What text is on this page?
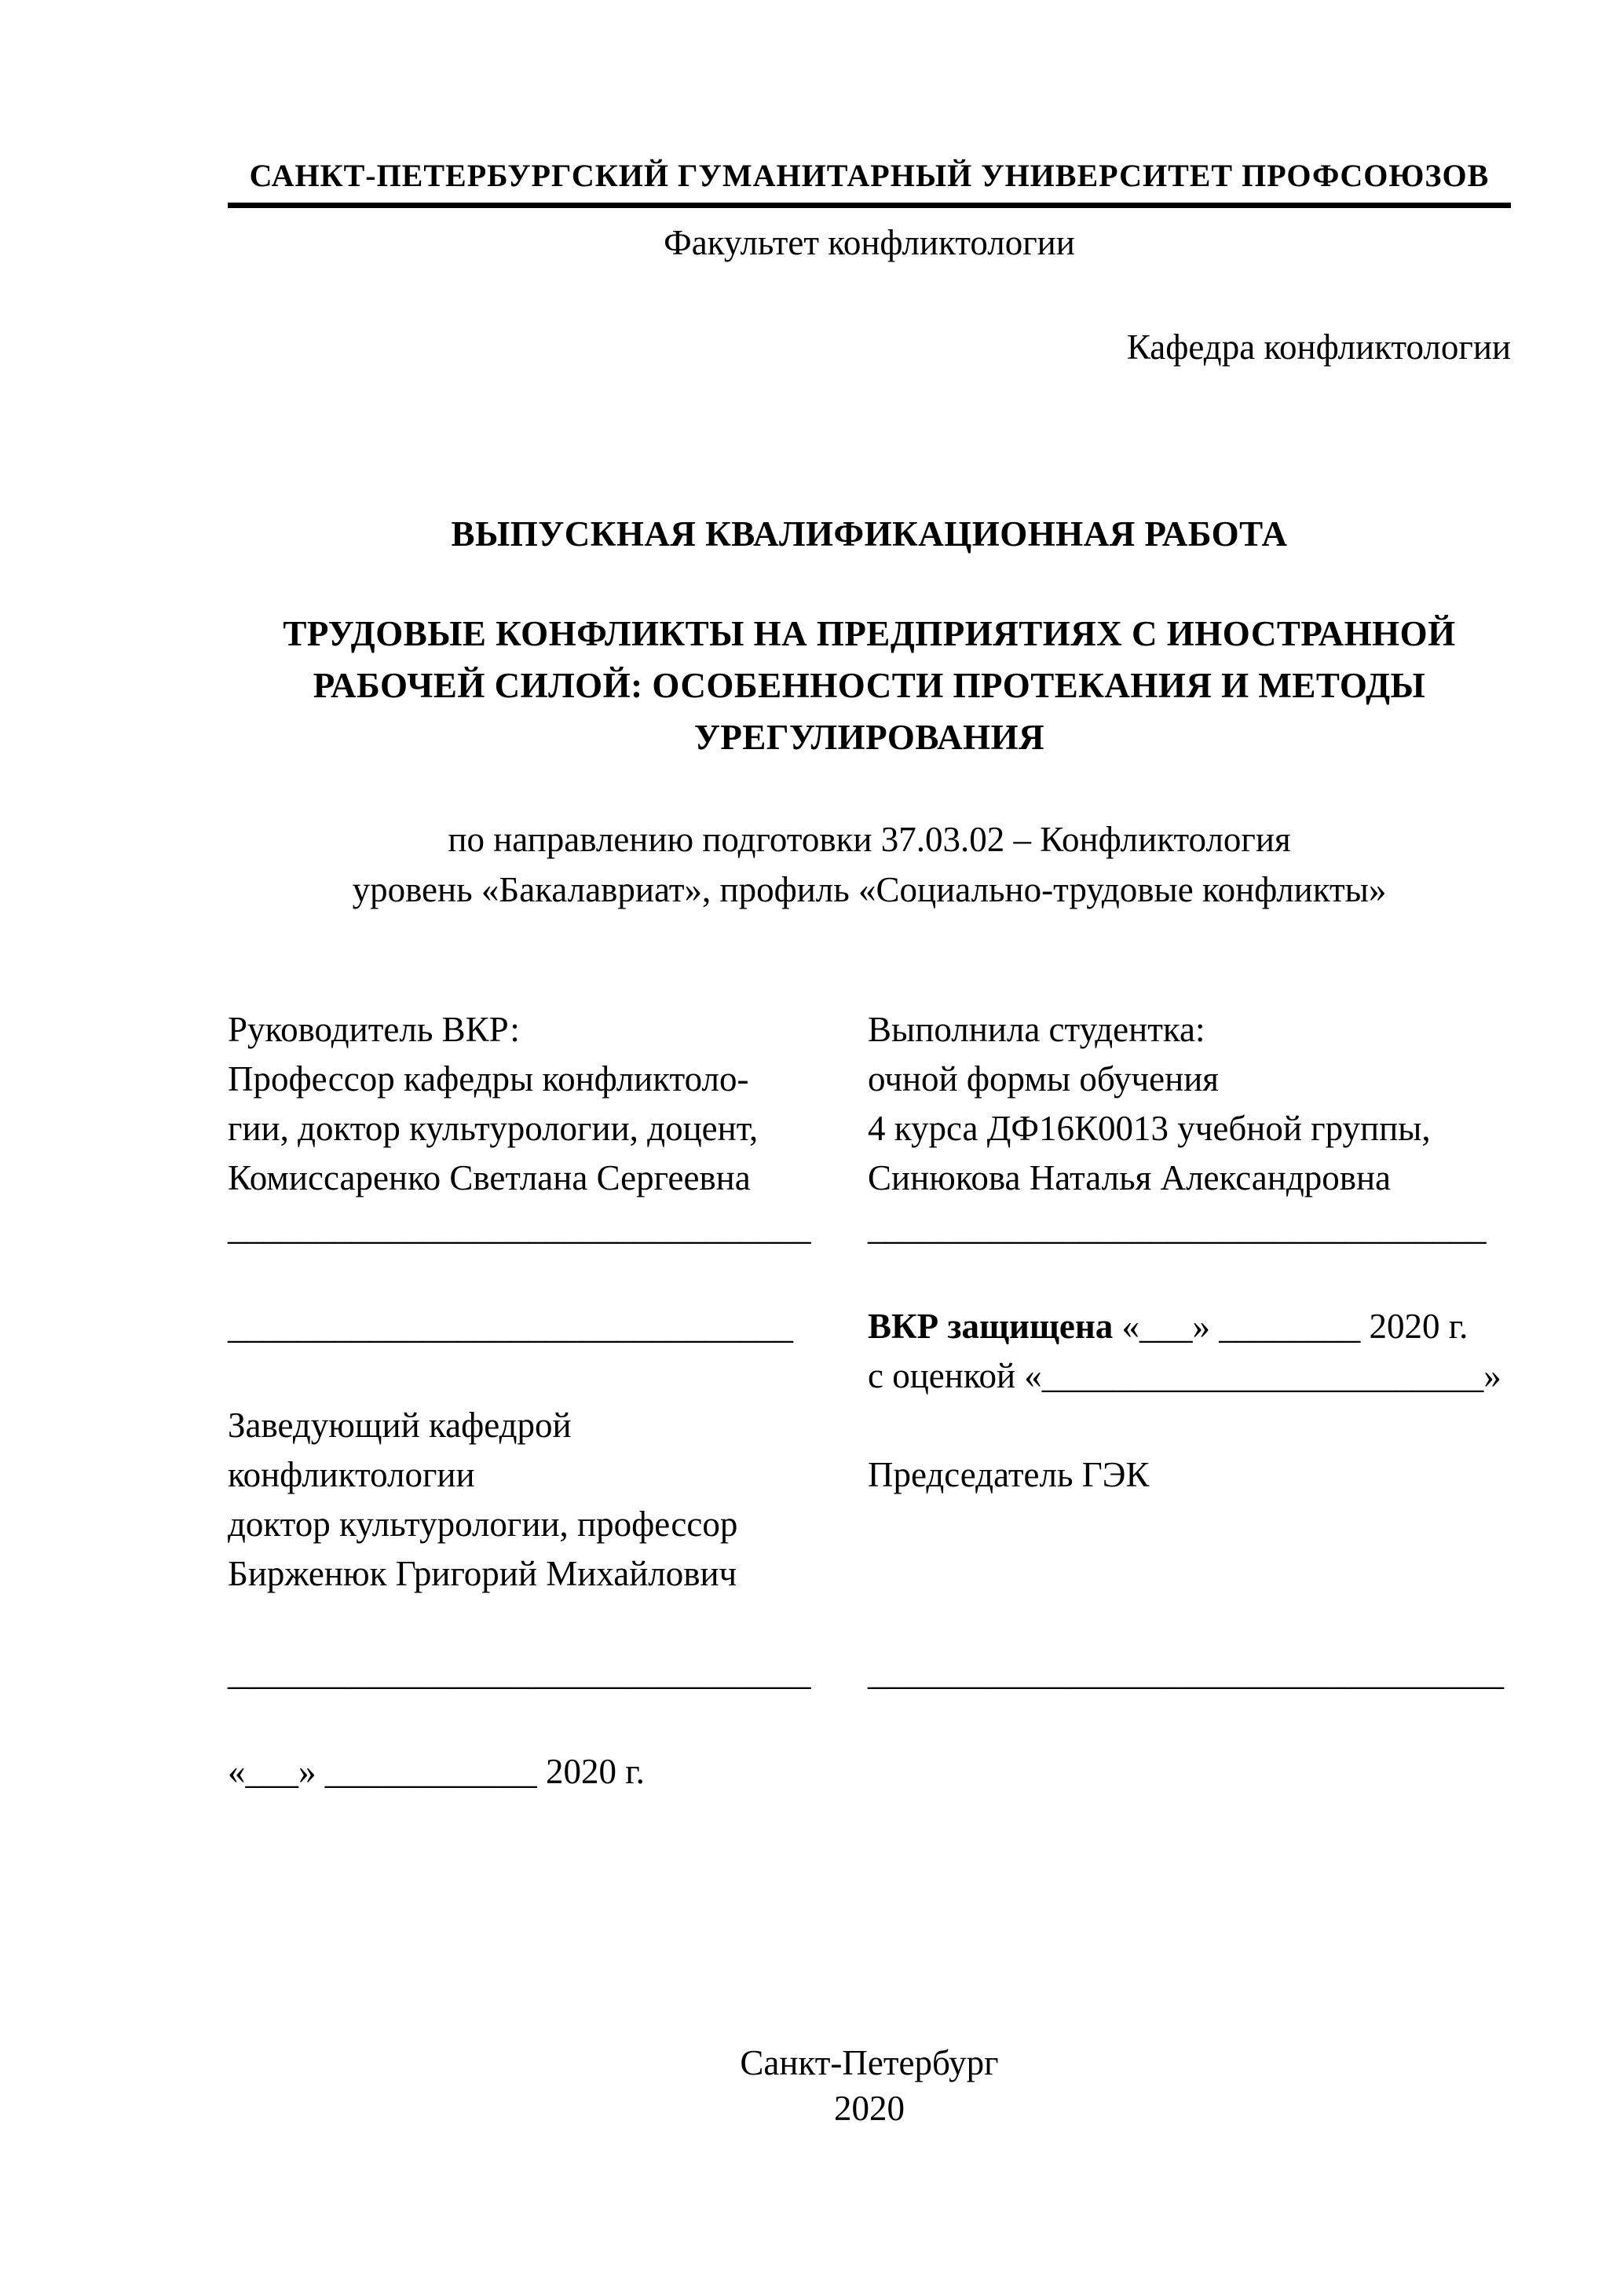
САНКТ-ПЕТЕРБУРГСКИЙ ГУМАНИТАРНЫЙ УНИВЕРСИТЕТ ПРОФСОЮЗОВ
Факультет конфликтологии
Кафедра конфликтологии
ВЫПУСКНАЯ КВАЛИФИКАЦИОННАЯ РАБОТА
ТРУДОВЫЕ КОНФЛИКТЫ НА ПРЕДПРИЯТИЯХ С ИНОСТРАННОЙ РАБОЧЕЙ СИЛОЙ: ОСОБЕННОСТИ ПРОТЕКАНИЯ И МЕТОДЫ УРЕГУЛИРОВАНИЯ
по направлению подготовки 37.03.02 – Конфликтология
уровень «Бакалавриат», профиль «Социально-трудовые конфликты»
Руководитель ВКР:
Профессор кафедры конфликтоло-
гии, доктор культурологии, доцент,
Комиссаренко Светлана Сергеевна
_________________________________
________________________________
Заведующий кафедрой
конфликтологии
доктор культурологии, профессор
Бирженюк Григорий Михайлович
_________________________________
«___» ____________ 2020 г.
Выполнила студентка:
очной формы обучения
4 курса ДФ16К0013 учебной группы,
Синюкова Наталья Александровна
___________________________________
ВКР защищена «___» ________ 2020 г.
с оценкой «_________________________»
Председатель ГЭК
____________________________________
Санкт-Петербург
2020
